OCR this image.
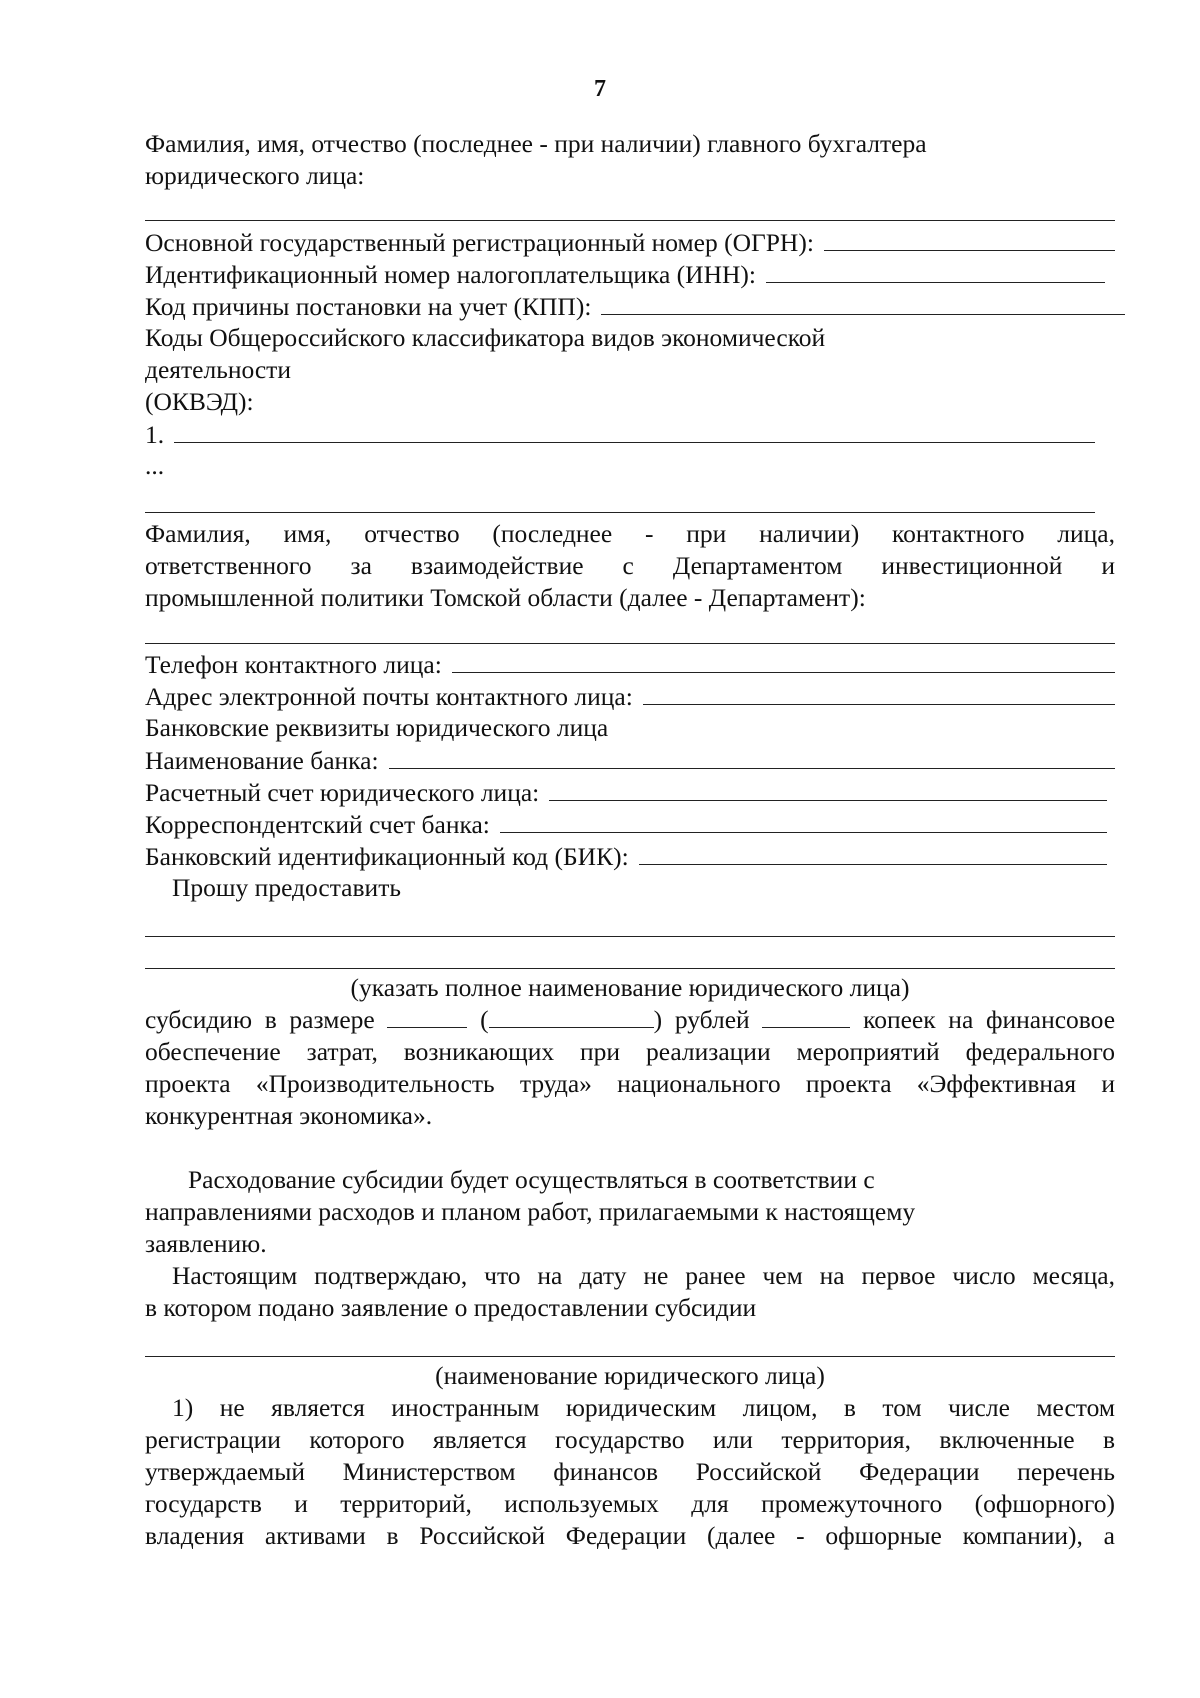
7
Фамилия, имя, отчество (последнее - при наличии) главного бухгалтера
юридического лица:
Основной государственный регистрационный номер (ОГРН):
Идентификационный номер налогоплательщика (ИНН):
Код причины постановки на учет (КПП):
Коды Общероссийского классификатора видов экономической
деятельности
(ОКВЭД):
1.
...
Фамилия, имя, отчество (последнее - при наличии) контактного лица,
ответственного за взаимодействие с Департаментом инвестиционной и
промышленной политики Томской области (далее - Департамент):
Телефон контактного лица:
Адрес электронной почты контактного лица:
Банковские реквизиты юридического лица
Наименование банка:
Расчетный счет юридического лица:
Корреспондентский счет банка:
Банковский идентификационный код (БИК):
Прошу предоставить
(указать полное наименование юридического лица)
субсидию в размере	(	) рублей	копеек на финансовое
обеспечение затрат, возникающих при реализации мероприятий федерального
проекта «Производительность труда» национального проекта «Эффективная и
конкурентная экономика».
Расходование субсидии будет осуществляться в соответствии с
направлениями расходов и планом работ, прилагаемыми к настоящему
заявлению.
Настоящим подтверждаю, что на дату не ранее чем на первое число месяца,
в котором подано заявление о предоставлении субсидии
(наименование юридического лица)
1) не является иностранным юридическим лицом, в том числе местом
регистрации которого является государство или территория, включенные в
утверждаемый Министерством финансов Российской Федерации перечень
государств и территорий, используемых для промежуточного (офшорного)
владения активами в Российской Федерации (далее - офшорные компании), а
